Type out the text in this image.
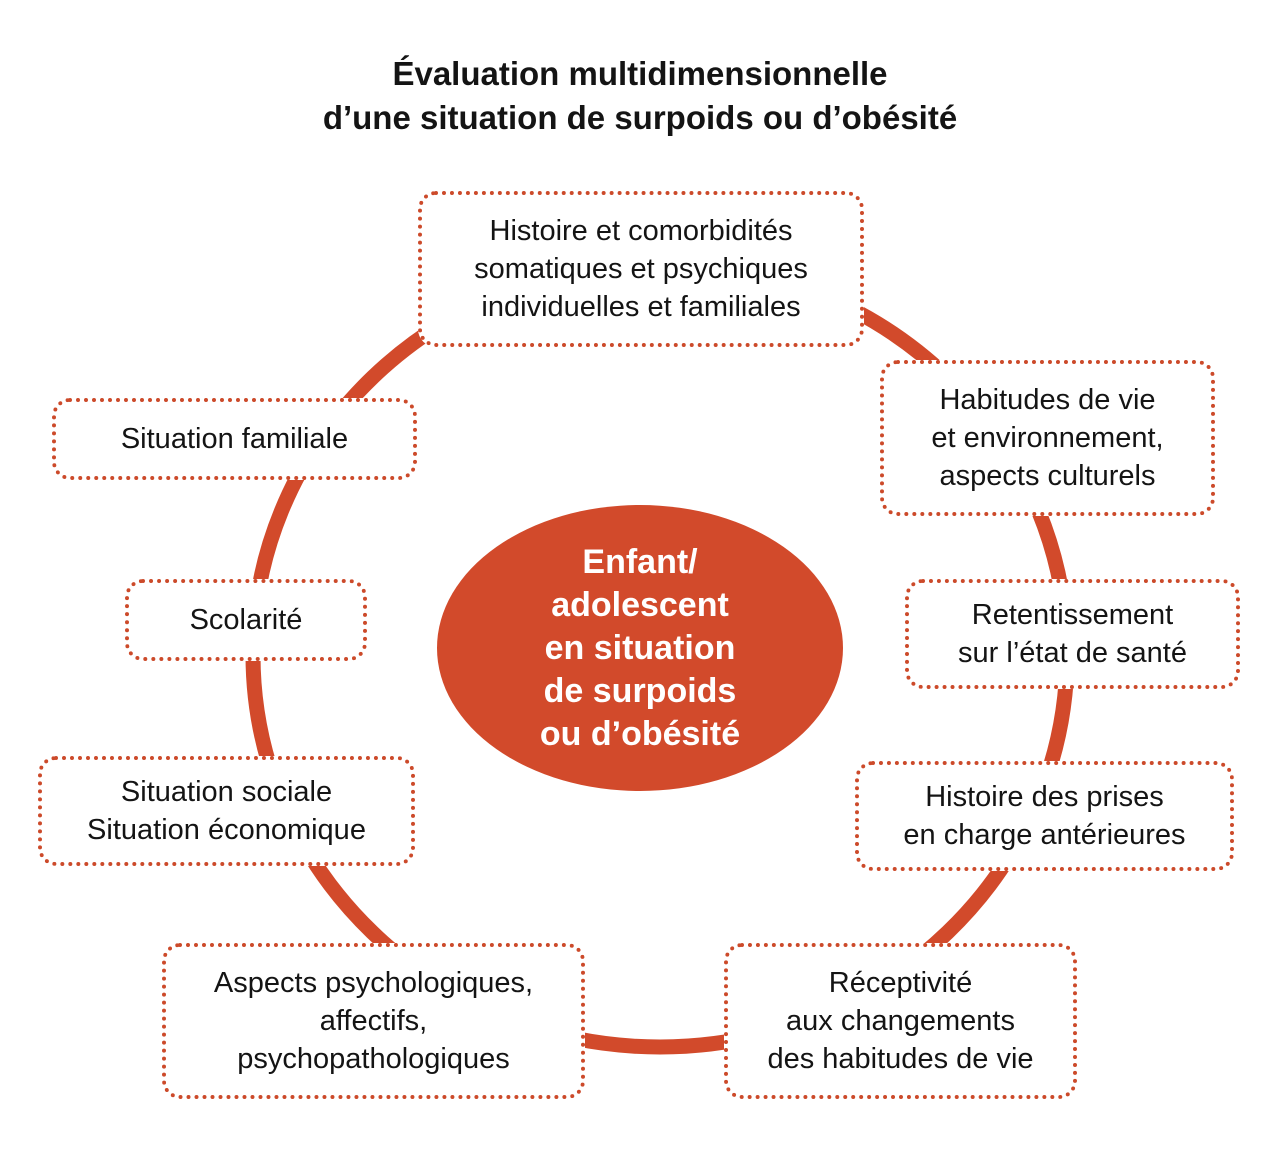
Évaluation multidimensionnelle
d’une situation de surpoids ou d’obésité
Histoire et comorbidités
somatiques et psychiques
individuelles et familiales
Habitudes de vie
et environnement,
aspects culturels
Retentissement
sur l’état de santé
Histoire des prises
en charge antérieures
Réceptivité
aux changements
des habitudes de vie
Aspects psychologiques,
affectifs,
psychopathologiques
Situation sociale
Situation économique
Scolarité
Situation familiale
Enfant/
adolescent
en situation
de surpoids
ou d’obésité
